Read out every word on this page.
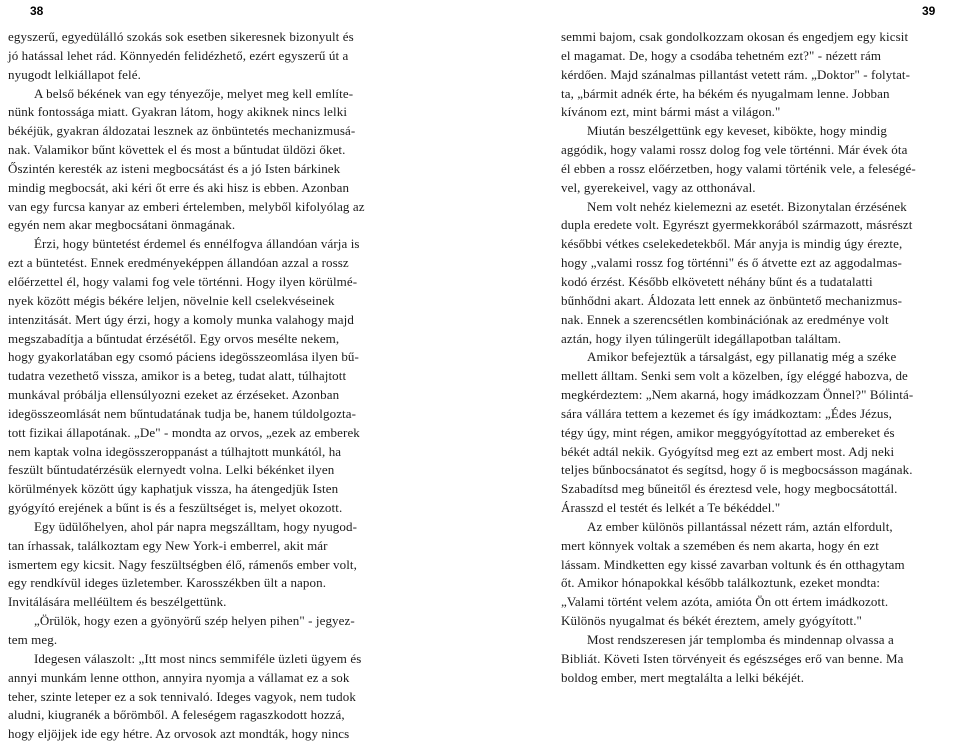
38	39
egyszerű, egyedülálló szokás sok esetben sikeresnek bizonyult és
jó hatással lehet rád. Könnyedén felidézhető, ezért egyszerű út a
nyugodt lelkiállapot felé.
A belső békének van egy tényezője, melyet meg kell említe-
nünk fontossága miatt. Gyakran látom, hogy akiknek nincs lelki
békéjük, gyakran áldozatai lesznek az önbüntetés mechanizmusá-
nak. Valamikor bűnt követtek el és most a bűntudat üldözi őket.
Őszintén keresték az isteni megbocsátást és a jó Isten bárkinek
mindig megbocsát, aki kéri őt erre és aki hisz is ebben. Azonban
van egy furcsa kanyar az emberi értelemben, melyből kifolyólag az
egyén nem akar megbocsátani önmagának.
Érzi, hogy büntetést érdemel és ennélfogva állandóan várja is
ezt a büntetést. Ennek eredményeképpen állandóan azzal a rossz
előérzettel él, hogy valami fog vele történni. Hogy ilyen körülmé-
nyek között mégis békére leljen, növelnie kell cselekvéseinek
intenzitását. Mert úgy érzi, hogy a komoly munka valahogy majd
megszabadítja a bűntudat érzésétől. Egy orvos mesélte nekem,
hogy gyakorlatában egy csomó páciens idegösszeomlása ilyen bű-
tudatra vezethető vissza, amikor is a beteg, tudat alatt, túlhajtott
munkával próbálja ellensúlyozni ezeket az érzéseket. Azonban
idegösszeomlását nem bűntudatának tudja be, hanem túldolgozta-
tott fizikai állapotának. „De" - mondta az orvos, „ezek az emberek
nem kaptak volna idegösszeroppanást a túlhajtott munkától, ha
feszült bűntudatérzésük elernyedt volna. Lelki békénket ilyen
körülmények között úgy kaphatjuk vissza, ha átengedjük Isten
gyógyító erejének a bűnt is és a feszültséget is, melyet okozott.
Egy üdülőhelyen, ahol pár napra megszálltam, hogy nyugod-
tan írhassak, találkoztam egy New York-i emberrel, akit már
ismertem egy kicsit. Nagy feszültségben élő, rámenős ember volt,
egy rendkívül ideges üzletember. Karosszékben ült a napon.
Invitálására melléültem és beszélgettünk.
„Örülök, hogy ezen a gyönyörű szép helyen pihen" - jegyez-
tem meg.
Idegesen válaszolt: „Itt most nincs semmiféle üzleti ügyem és
annyi munkám lenne otthon, annyira nyomja a vállamat ez a sok
teher, szinte leteper ez a sok tennivaló. Ideges vagyok, nem tudok
aludni, kiugranék a bőrömből. A feleségem ragaszkodott hozzá,
hogy eljöjjek ide egy hétre. Az orvosok azt mondták, hogy nincs
semmi bajom, csak gondolkozzam okosan és engedjem egy kicsit
el magamat. De, hogy a csodába tehetném ezt?" - nézett rám
kérdően. Majd szánalmas pillantást vetett rám. „Doktor" - folytat-
ta, „bármit adnék érte, ha békém és nyugalmam lenne. Jobban
kívánom ezt, mint bármi mást a világon."
Miután beszélgettünk egy keveset, kibökte, hogy mindig
aggódik, hogy valami rossz dolog fog vele történni. Már évek óta
él ebben a rossz előérzetben, hogy valami történik vele, a feleségé-
vel, gyerekeivel, vagy az otthonával.
Nem volt nehéz kielemezni az esetét. Bizonytalan érzésének
dupla eredete volt. Egyrészt gyermekkorából származott, másrészt
későbbi vétkes cselekedetekből. Már anyja is mindig úgy érezte,
hogy „valami rossz fog történni" és ő átvette ezt az aggodalmas-
kodó érzést. Később elkövetett néhány bűnt és a tudatalatti
bűnhődni akart. Áldozata lett ennek az önbüntető mechanizmus-
nak. Ennek a szerencsétlen kombinációnak az eredménye volt
aztán, hogy ilyen túlingerült idegállapotban találtam.
Amikor befejeztük a társalgást, egy pillanatig még a széke
mellett álltam. Senki sem volt a közelben, így eléggé habozva, de
megkérdeztem: „Nem akarná, hogy imádkozzam Önnel?" Bólintá-
sára vállára tettem a kezemet és így imádkoztam: „Édes Jézus,
tégy úgy, mint régen, amikor meggyógyítottad az embereket és
békét adtál nekik. Gyógyítsd meg ezt az embert most. Adj neki
teljes bűnbocsánatot és segítsd, hogy ő is megbocsásson magának.
Szabadítsd meg bűneitől és éreztesd vele, hogy megbocsátottál.
Árasszd el testét és lelkét a Te békéddel."
Az ember különös pillantással nézett rám, aztán elfordult,
mert könnyek voltak a szemében és nem akarta, hogy én ezt
lássam. Mindketten egy kissé zavarban voltunk és én otthagytam
őt. Amikor hónapokkal később találkoztunk, ezeket mondta:
„Valami történt velem azóta, amióta Ön ott értem imádkozott.
Különös nyugalmat és békét éreztem, amely gyógyított."
Most rendszeresen jár templomba és mindennap olvassa a
Bibliát. Követi Isten törvényeit és egészséges erő van benne. Ma
boldog ember, mert megtalálta a lelki békéjét.
